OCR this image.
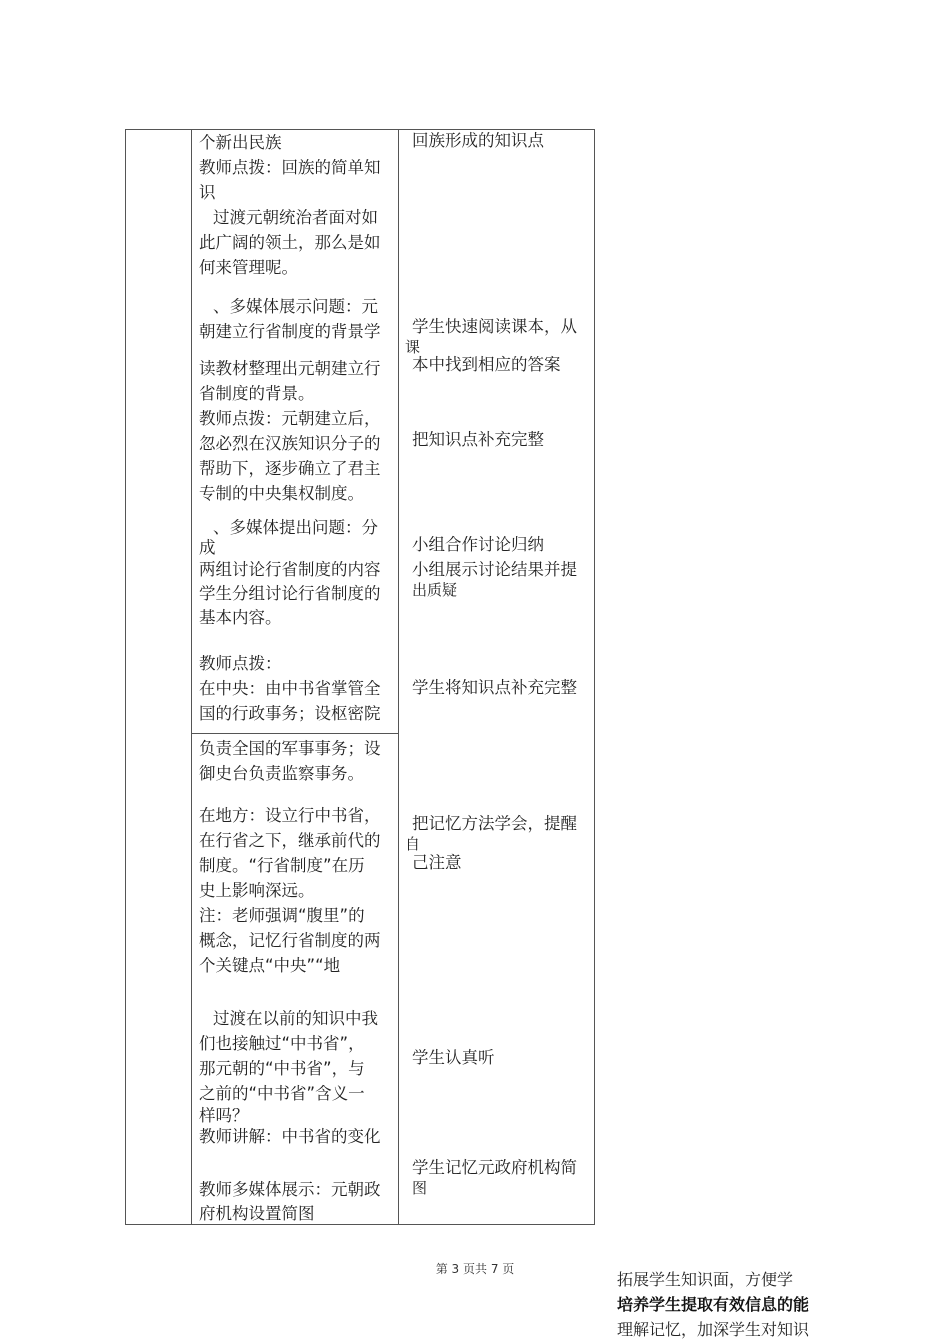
个新出民族
教师点拨：回族的简单知
识
过渡元朝统治者面对如
此广阔的领土，那么是如
何来管理呢。
、多媒体展示问题：元
朝建立行省制度的背景学
读教材整理出元朝建立行
省制度的背景。
教师点拨：元朝建立后，
忽必烈在汉族知识分子的
帮助下，逐步确立了君主
专制的中央集权制度。
、多媒体提出问题：分
成
两组讨论行省制度的内容
学生分组讨论行省制度的
基本内容。
教师点拨：
在中央：由中书省掌管全
国的行政事务；设枢密院
负责全国的军事事务；设
御史台负责监察事务。
在地方：设立行中书省，
在行省之下，继承前代的
制度。“行省制度”在历
史上影响深远。
注：老师强调“腹里”的
概念，记忆行省制度的两
个关键点“中央”“地
过渡在以前的知识中我
们也接触过“中书省”，
那元朝的“中书省”，与
之前的“中书省”含义一
样吗？
教师讲解：中书省的变化
教师多媒体展示：元朝政
府机构设置简图
回族形成的知识点
学生快速阅读课本，从
课
本中找到相应的答案
把知识点补充完整
小组合作讨论归纳
小组展示讨论结果并提
出质疑
学生将知识点补充完整
把记忆方法学会，提醒
自
己注意
学生认真听
学生记忆元政府机构简
图
第 3 页共 7 页
拓展学生知识面，方便学
培养学生提取有效信息的能
理解记忆，加深学生对知识
